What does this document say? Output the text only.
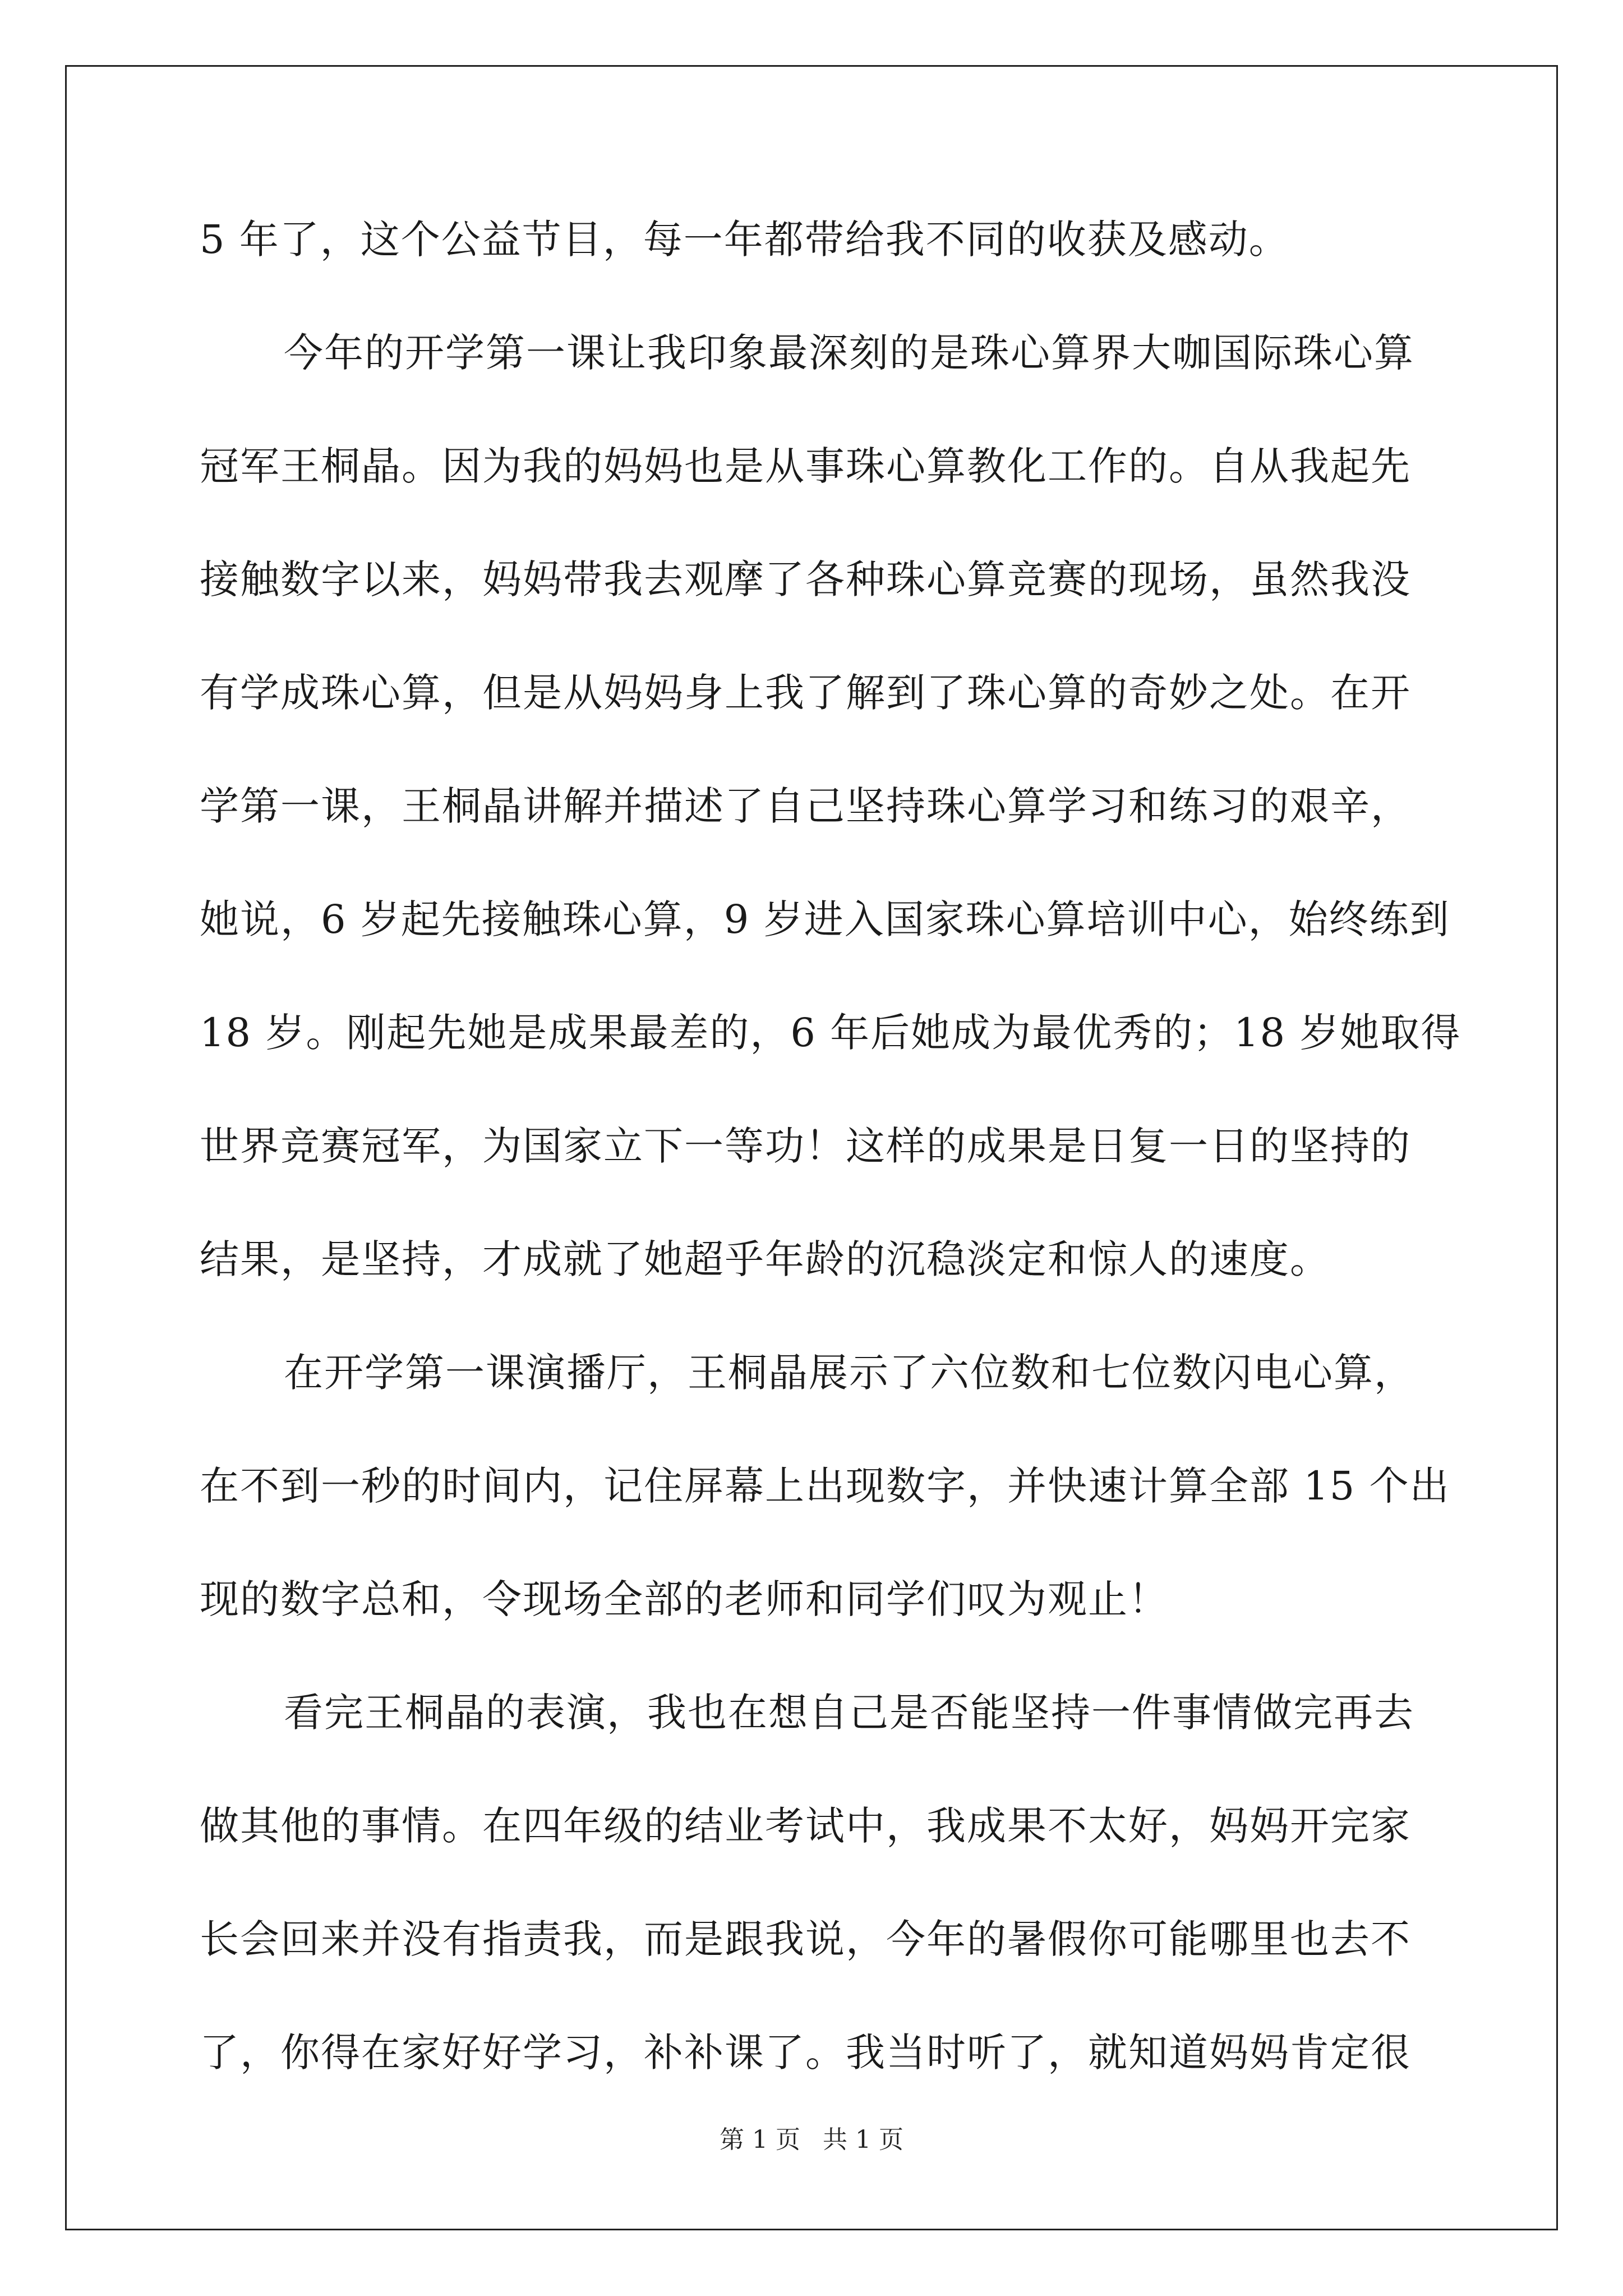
5 年了，这个公益节目，每一年都带给我不同的收获及感动。
今年的开学第一课让我印象最深刻的是珠心算界大咖国际珠心算
冠军王桐晶。因为我的妈妈也是从事珠心算教化工作的。自从我起先
接触数字以来，妈妈带我去观摩了各种珠心算竞赛的现场，虽然我没
有学成珠心算，但是从妈妈身上我了解到了珠心算的奇妙之处。在开
学第一课，王桐晶讲解并描述了自己坚持珠心算学习和练习的艰辛，
她说，6 岁起先接触珠心算，9 岁进入国家珠心算培训中心，始终练到
18 岁。刚起先她是成果最差的，6 年后她成为最优秀的；18 岁她取得
世界竞赛冠军，为国家立下一等功！这样的成果是日复一日的坚持的
结果，是坚持，才成就了她超乎年龄的沉稳淡定和惊人的速度。
在开学第一课演播厅，王桐晶展示了六位数和七位数闪电心算，
在不到一秒的时间内，记住屏幕上出现数字，并快速计算全部 15 个出
现的数字总和，令现场全部的老师和同学们叹为观止！
看完王桐晶的表演，我也在想自己是否能坚持一件事情做完再去
做其他的事情。在四年级的结业考试中，我成果不太好，妈妈开完家
长会回来并没有指责我，而是跟我说，今年的暑假你可能哪里也去不
了，你得在家好好学习，补补课了。我当时听了，就知道妈妈肯定很
第 1 页 共 1 页
